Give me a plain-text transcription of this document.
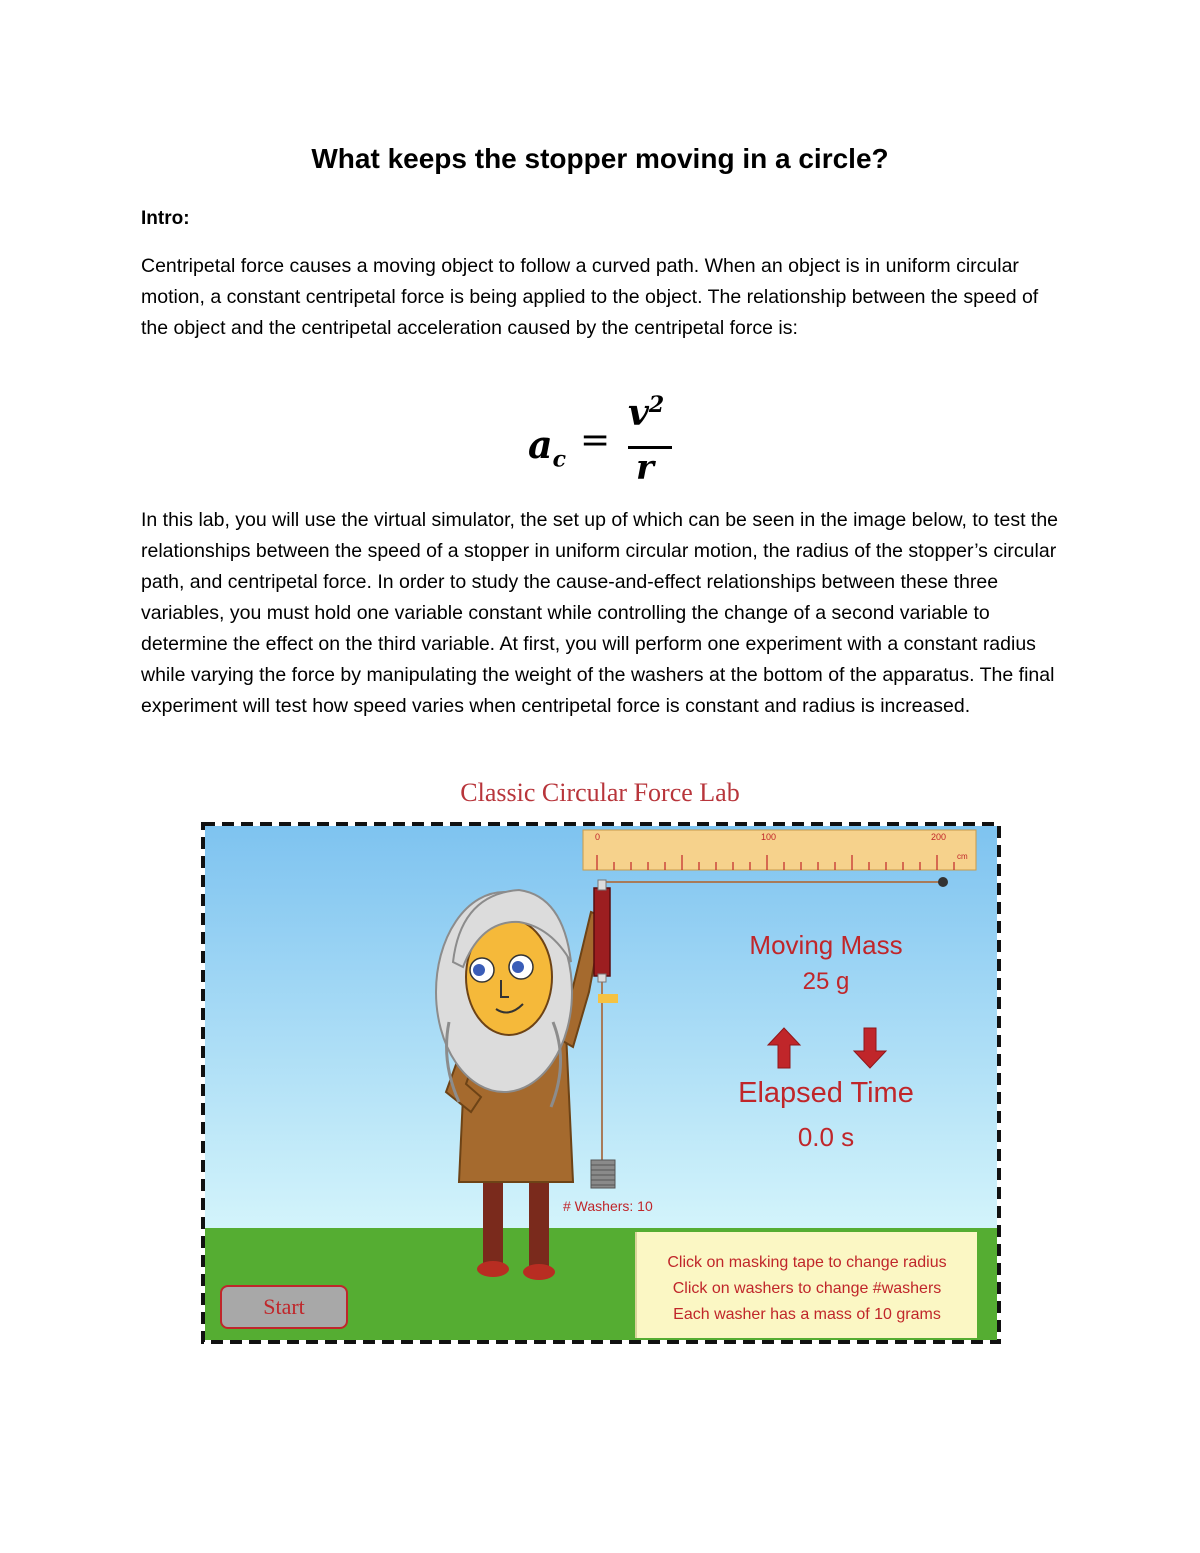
What keeps the stopper moving in a circle?
Intro:

Centripetal force causes a moving object to follow a curved path. When an object is in uniform circular motion, a constant centripetal force is being applied to the object. The relationship between the speed of the object and the centripetal acceleration caused by the centripetal force is:

$a_c$ =
$v^2$
r

In this lab, you will use the virtual simulator, the set up of which can be seen in the image below, to test the relationships between the speed of a stopper in uniform circular motion, the radius of the stopper’s circular path, and centripetal force. In order to study the cause-and-effect relationships between these three variables, you must hold one variable constant while controlling the change of a second variable to determine the effect on the third variable. At first, you will perform one experiment with a constant radius while varying the force by manipulating the weight of the washers at the bottom of the apparatus. The final experiment will test how speed varies when centripetal force is constant and radius is increased.

Classic Circular Force Lab
0	100	200
cm
Moving Mass
25 g
Elapsed Time
0.0 s
# Washers: 10
Click on masking tape to change radius
Click on washers to change #washers
Each washer has a mass of 10 grams
Start
